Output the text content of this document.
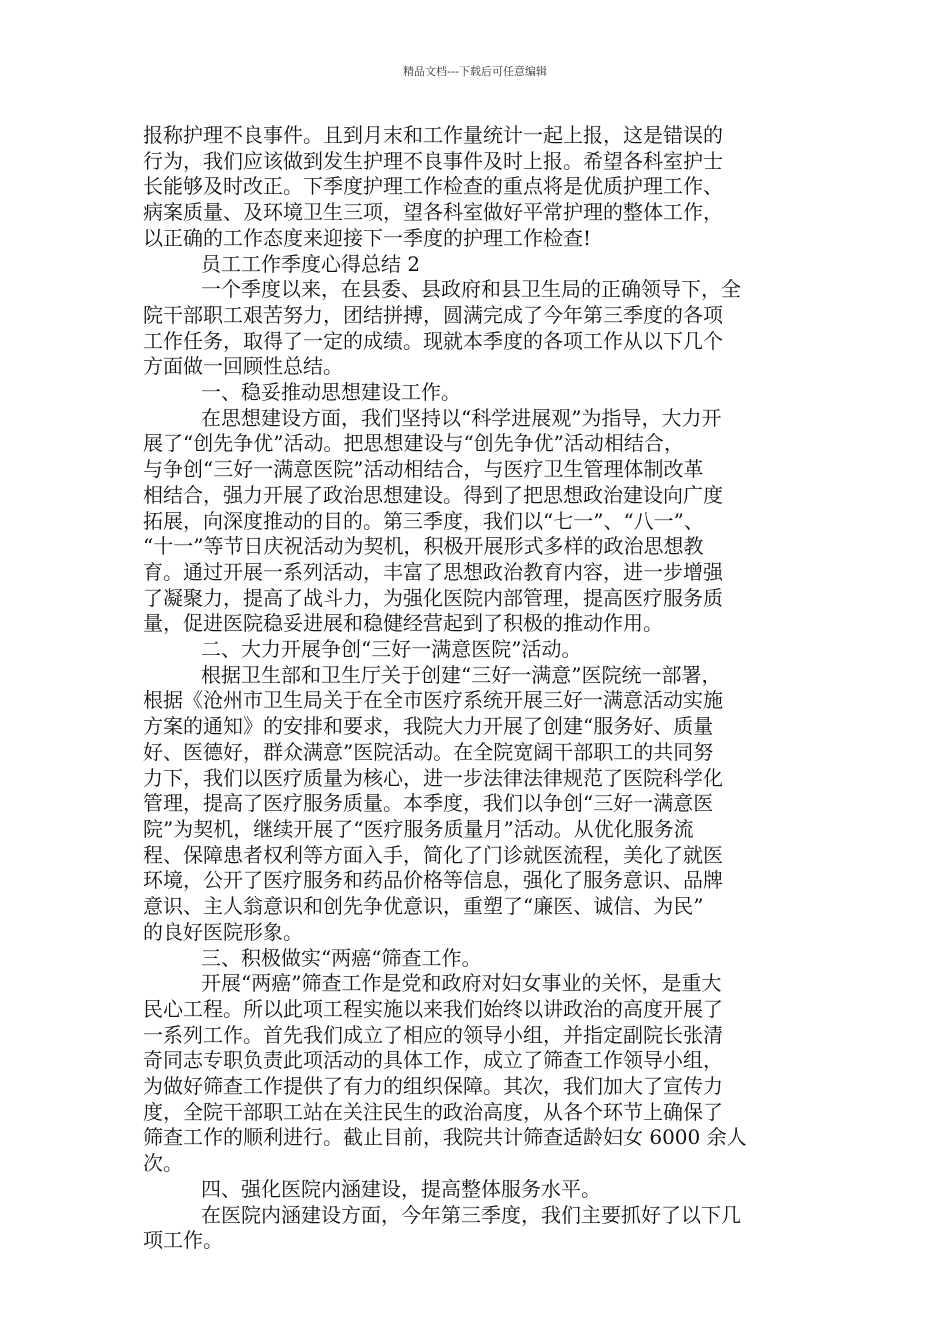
精品文档---下载后可任意编辑
报称护理不良事件。且到月末和工作量统计一起上报，这是错误的
行为，我们应该做到发生护理不良事件及时上报。希望各科室护士
长能够及时改正。下季度护理工作检查的重点将是优质护理工作、
病案质量、及环境卫生三项，望各科室做好平常护理的整体工作，
以正确的工作态度来迎接下一季度的护理工作检查!
员工工作季度心得总结 2
一个季度以来，在县委、县政府和县卫生局的正确领导下，全
院干部职工艰苦努力，团结拼搏，圆满完成了今年第三季度的各项
工作任务，取得了一定的成绩。现就本季度的各项工作从以下几个
方面做一回顾性总结。
一、稳妥推动思想建设工作。
在思想建设方面，我们坚持以“科学进展观”为指导，大力开
展了“创先争优”活动。把思想建设与“创先争优”活动相结合，
与争创“三好一满意医院”活动相结合，与医疗卫生管理体制改革
相结合，强力开展了政治思想建设。得到了把思想政治建设向广度
拓展，向深度推动的目的。第三季度，我们以“七一”、“八一”、
“十一”等节日庆祝活动为契机，积极开展形式多样的政治思想教
育。通过开展一系列活动，丰富了思想政治教育内容，进一步增强
了凝聚力，提高了战斗力，为强化医院内部管理，提高医疗服务质
量，促进医院稳妥进展和稳健经营起到了积极的推动作用。
二、大力开展争创“三好一满意医院”活动。
根据卫生部和卫生厅关于创建“三好一满意”医院统一部署，
根据《沧州市卫生局关于在全市医疗系统开展三好一满意活动实施
方案的通知》的安排和要求，我院大力开展了创建“服务好、质量
好、医德好，群众满意”医院活动。在全院宽阔干部职工的共同努
力下，我们以医疗质量为核心，进一步法律法律规范了医院科学化
管理，提高了医疗服务质量。本季度，我们以争创“三好一满意医
院”为契机，继续开展了“医疗服务质量月”活动。从优化服务流
程、保障患者权利等方面入手，简化了门诊就医流程，美化了就医
环境，公开了医疗服务和药品价格等信息，强化了服务意识、品牌
意识、主人翁意识和创先争优意识，重塑了“廉医、诚信、为民”
的良好医院形象。
三、积极做实“两癌“筛查工作。
开展“两癌”筛查工作是党和政府对妇女事业的关怀，是重大
民心工程。所以此项工程实施以来我们始终以讲政治的高度开展了
一系列工作。首先我们成立了相应的领导小组，并指定副院长张清
奇同志专职负责此项活动的具体工作，成立了筛查工作领导小组，
为做好筛查工作提供了有力的组织保障。其次，我们加大了宣传力
度，全院干部职工站在关注民生的政治高度，从各个环节上确保了
筛查工作的顺利进行。截止目前，我院共计筛查适龄妇女 6000 余人
次。
四、强化医院内涵建设，提高整体服务水平。
在医院内涵建设方面，今年第三季度，我们主要抓好了以下几
项工作。
